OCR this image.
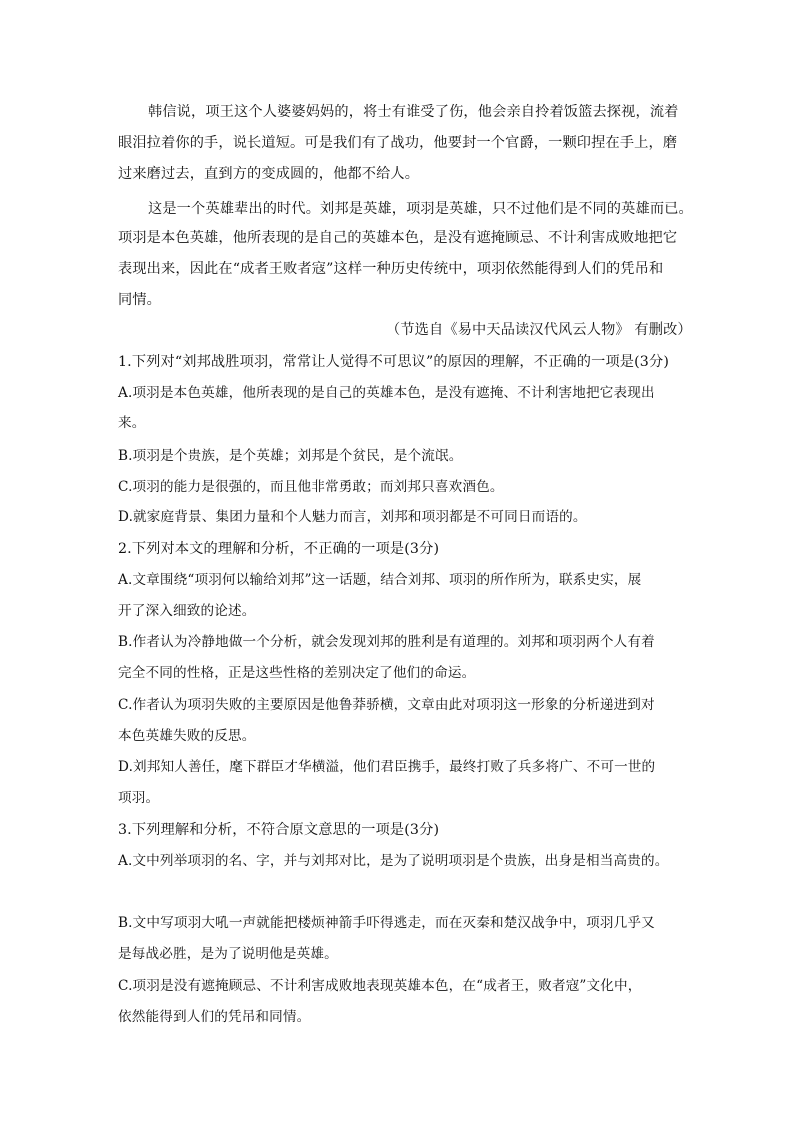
韩信说，项王这个人婆婆妈妈的，将士有谁受了伤，他会亲自拎着饭篮去探视，流着
眼泪拉着你的手，说长道短。可是我们有了战功，他要封一个官爵，一颗印捏在手上，磨
过来磨过去，直到方的变成圆的，他都不给人。
这是一个英雄辈出的时代。刘邦是英雄，项羽是英雄，只不过他们是不同的英雄而已。
项羽是本色英雄，他所表现的是自己的英雄本色，是没有遮掩顾忌、不计利害成败地把它
表现出来，因此在“成者王败者寇”这样一种历史传统中，项羽依然能得到人们的凭吊和
同情。
（节选自《易中天品读汉代风云人物》 有删改）
1.下列对“刘邦战胜项羽，常常让人觉得不可思议”的原因的理解，不正确的一项是(3分)
A.项羽是本色英雄，他所表现的是自己的英雄本色，是没有遮掩、不计利害地把它表现出
来。
B.项羽是个贵族，是个英雄；刘邦是个贫民，是个流氓。
C.项羽的能力是很强的，而且他非常勇敢；而刘邦只喜欢酒色。
D.就家庭背景、集团力量和个人魅力而言，刘邦和项羽都是不可同日而语的。
2.下列对本文的理解和分析，不正确的一项是(3分)
A.文章围绕“项羽何以输给刘邦”这一话题，结合刘邦、项羽的所作所为，联系史实，展
开了深入细致的论述。
B.作者认为冷静地做一个分析，就会发现刘邦的胜利是有道理的。刘邦和项羽两个人有着
完全不同的性格，正是这些性格的差别决定了他们的命运。
C.作者认为项羽失败的主要原因是他鲁莽骄横，文章由此对项羽这一形象的分析递进到对
本色英雄失败的反思。
D.刘邦知人善任，麾下群臣才华横溢，他们君臣携手，最终打败了兵多将广、不可一世的
项羽。
3.下列理解和分析，不符合原文意思的一项是(3分)
A.文中列举项羽的名、字，并与刘邦对比，是为了说明项羽是个贵族，出身是相当高贵的。
B.文中写项羽大吼一声就能把楼烦神箭手吓得逃走，而在灭秦和楚汉战争中，项羽几乎又
是每战必胜，是为了说明他是英雄。
C.项羽是没有遮掩顾忌、不计利害成败地表现英雄本色，在“成者王，败者寇”文化中，
依然能得到人们的凭吊和同情。
